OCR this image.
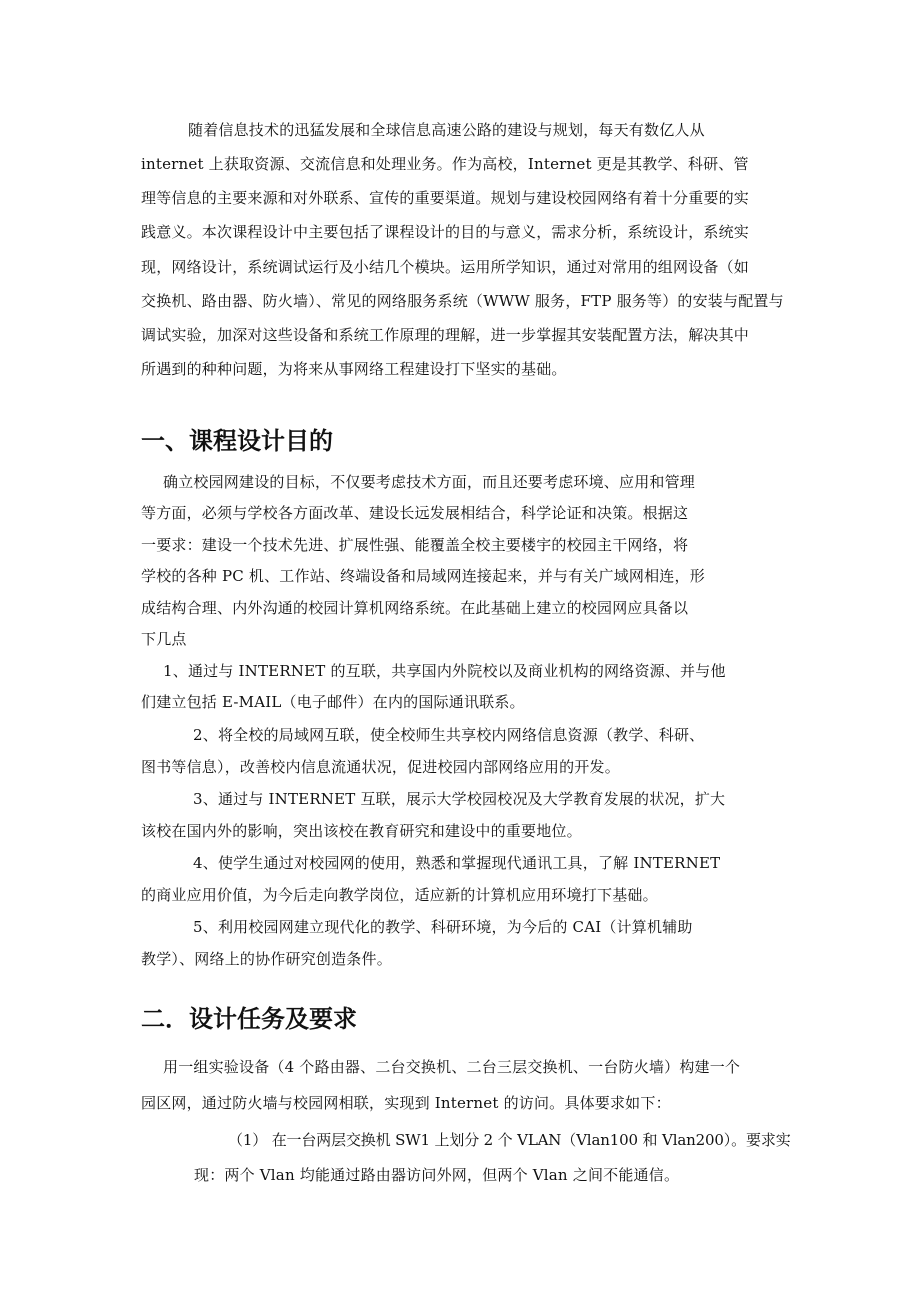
随着信息技术的迅猛发展和全球信息高速公路的建设与规划，每天有数亿人从
internet 上获取资源、交流信息和处理业务。作为高校，Internet 更是其教学、科研、管
理等信息的主要来源和对外联系、宣传的重要渠道。规划与建设校园网络有着十分重要的实
践意义。本次课程设计中主要包括了课程设计的目的与意义，需求分析，系统设计，系统实
现，网络设计，系统调试运行及小结几个模块。运用所学知识，通过对常用的组网设备（如
交换机、路由器、防火墙）、常见的网络服务系统（WWW 服务，FTP 服务等）的安装与配置与
调试实验，加深对这些设备和系统工作原理的理解，进一步掌握其安装配置方法，解决其中
所遇到的种种问题，为将来从事网络工程建设打下坚实的基础。
一、课程设计目的
确立校园网建设的目标，不仅要考虑技术方面，而且还要考虑环境、应用和管理
等方面，必须与学校各方面改革、建设长远发展相结合，科学论证和决策。根据这
一要求：建设一个技术先进、扩展性强、能覆盖全校主要楼宇的校园主干网络，将
学校的各种 PC 机、工作站、终端设备和局域网连接起来，并与有关广域网相连，形
成结构合理、内外沟通的校园计算机网络系统。在此基础上建立的校园网应具备以
下几点
1、通过与 INTERNET 的互联，共享国内外院校以及商业机构的网络资源、并与他
们建立包括 E-MAIL（电子邮件）在内的国际通讯联系。
2、将全校的局域网互联，使全校师生共享校内网络信息资源（教学、科研、
图书等信息），改善校内信息流通状况，促进校园内部网络应用的开发。
3、通过与 INTERNET 互联，展示大学校园校况及大学教育发展的状况，扩大
该校在国内外的影响，突出该校在教育研究和建设中的重要地位。
4、使学生通过对校园网的使用，熟悉和掌握现代通讯工具，了解 INTERNET
的商业应用价值，为今后走向教学岗位，适应新的计算机应用环境打下基础。
5、利用校园网建立现代化的教学、科研环境，为今后的 CAI（计算机辅助
教学）、网络上的协作研究创造条件。
二．设计任务及要求
用一组实验设备（4 个路由器、二台交换机、二台三层交换机、一台防火墙）构建一个
园区网，通过防火墙与校园网相联，实现到 Internet 的访问。具体要求如下：
（1） 在一台两层交换机 SW1 上划分 2 个 VLAN（Vlan100 和 Vlan200）。要求实
现：两个 Vlan 均能通过路由器访问外网，但两个 Vlan 之间不能通信。
